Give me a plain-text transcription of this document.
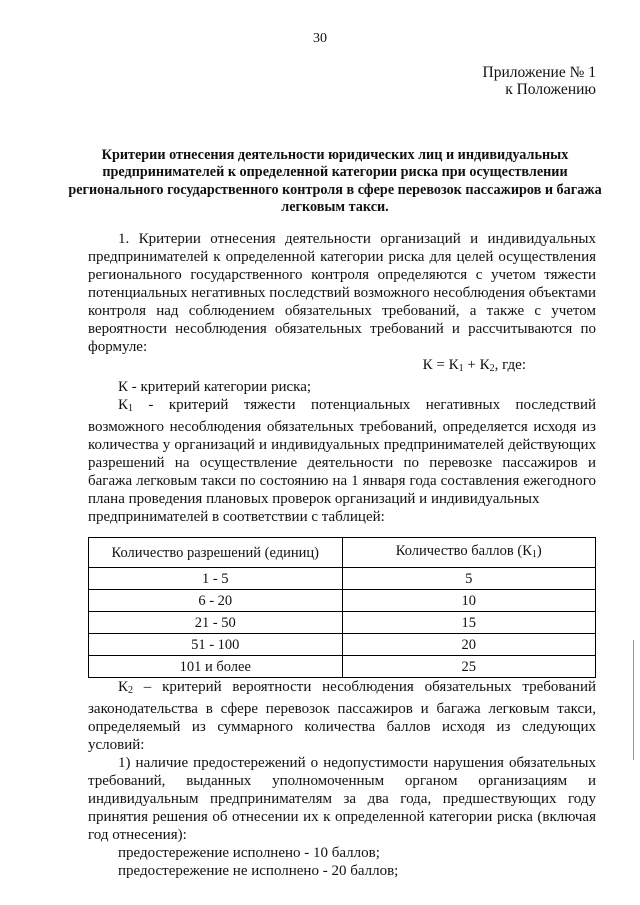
30
Приложение № 1
к Положению
Критерии отнесения деятельности юридических лиц и индивидуальных предпринимателей к определенной категории риска при осуществлении регионального государственного контроля в сфере перевозок пассажиров и багажа легковым такси.

1. Критерии отнесения деятельности организаций и индивидуальных предпринимателей к определенной категории риска для целей осуществления регионального государственного контроля определяются с учетом тяжести потенциальных негативных последствий возможного несоблюдения объектами контроля над соблюдением обязательных требований, а также с учетом вероятности несоблюдения обязательных требований и рассчитываются по формуле:

$К = К_1 + К_2$, где:

К - критерий категории риска;

$К_1$ - критерий тяжести потенциальных негативных последствий возможного несоблюдения обязательных требований, определяется исходя из количества у организаций и индивидуальных предпринимателей действующих разрешений на осуществление деятельности по перевозке пассажиров и багажа легковым такси по состоянию на 1 января года составления ежегодного плана проведения плановых проверок организаций и индивидуальных

предпринимателей в соответствии с таблицей:

Количество разрешений (единиц)	Количество баллов $(К_1)$
1 - 5	5
6 - 20	10
21 - 50	15
51 - 100	20
101 и более	25

$К_2$ – критерий вероятности несоблюдения обязательных требований законодательства в сфере перевозок пассажиров и багажа легковым такси, определяемый из суммарного количества баллов исходя из следующих условий:

1) наличие предостережений о недопустимости нарушения обязательных требований, выданных уполномоченным органом организациям и индивидуальным предпринимателям за два года, предшествующих году принятия решения об отнесении их к определенной категории риска (включая год отнесения):

предостережение исполнено - 10 баллов;

предостережение не исполнено - 20 баллов;
